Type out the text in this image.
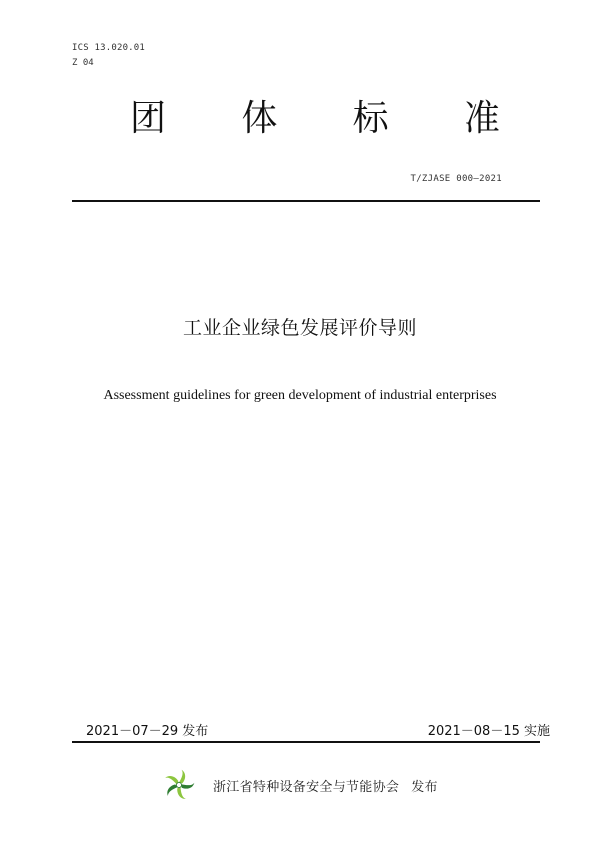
ICS 13.020.01
Z 04
团 体 标 准
T/ZJASE 000—2021
工业企业绿色发展评价导则
Assessment guidelines for green development of industrial enterprises
2021－07－29 发布	2021－08－15 实施
浙江省特种设备安全与节能协会 发布
